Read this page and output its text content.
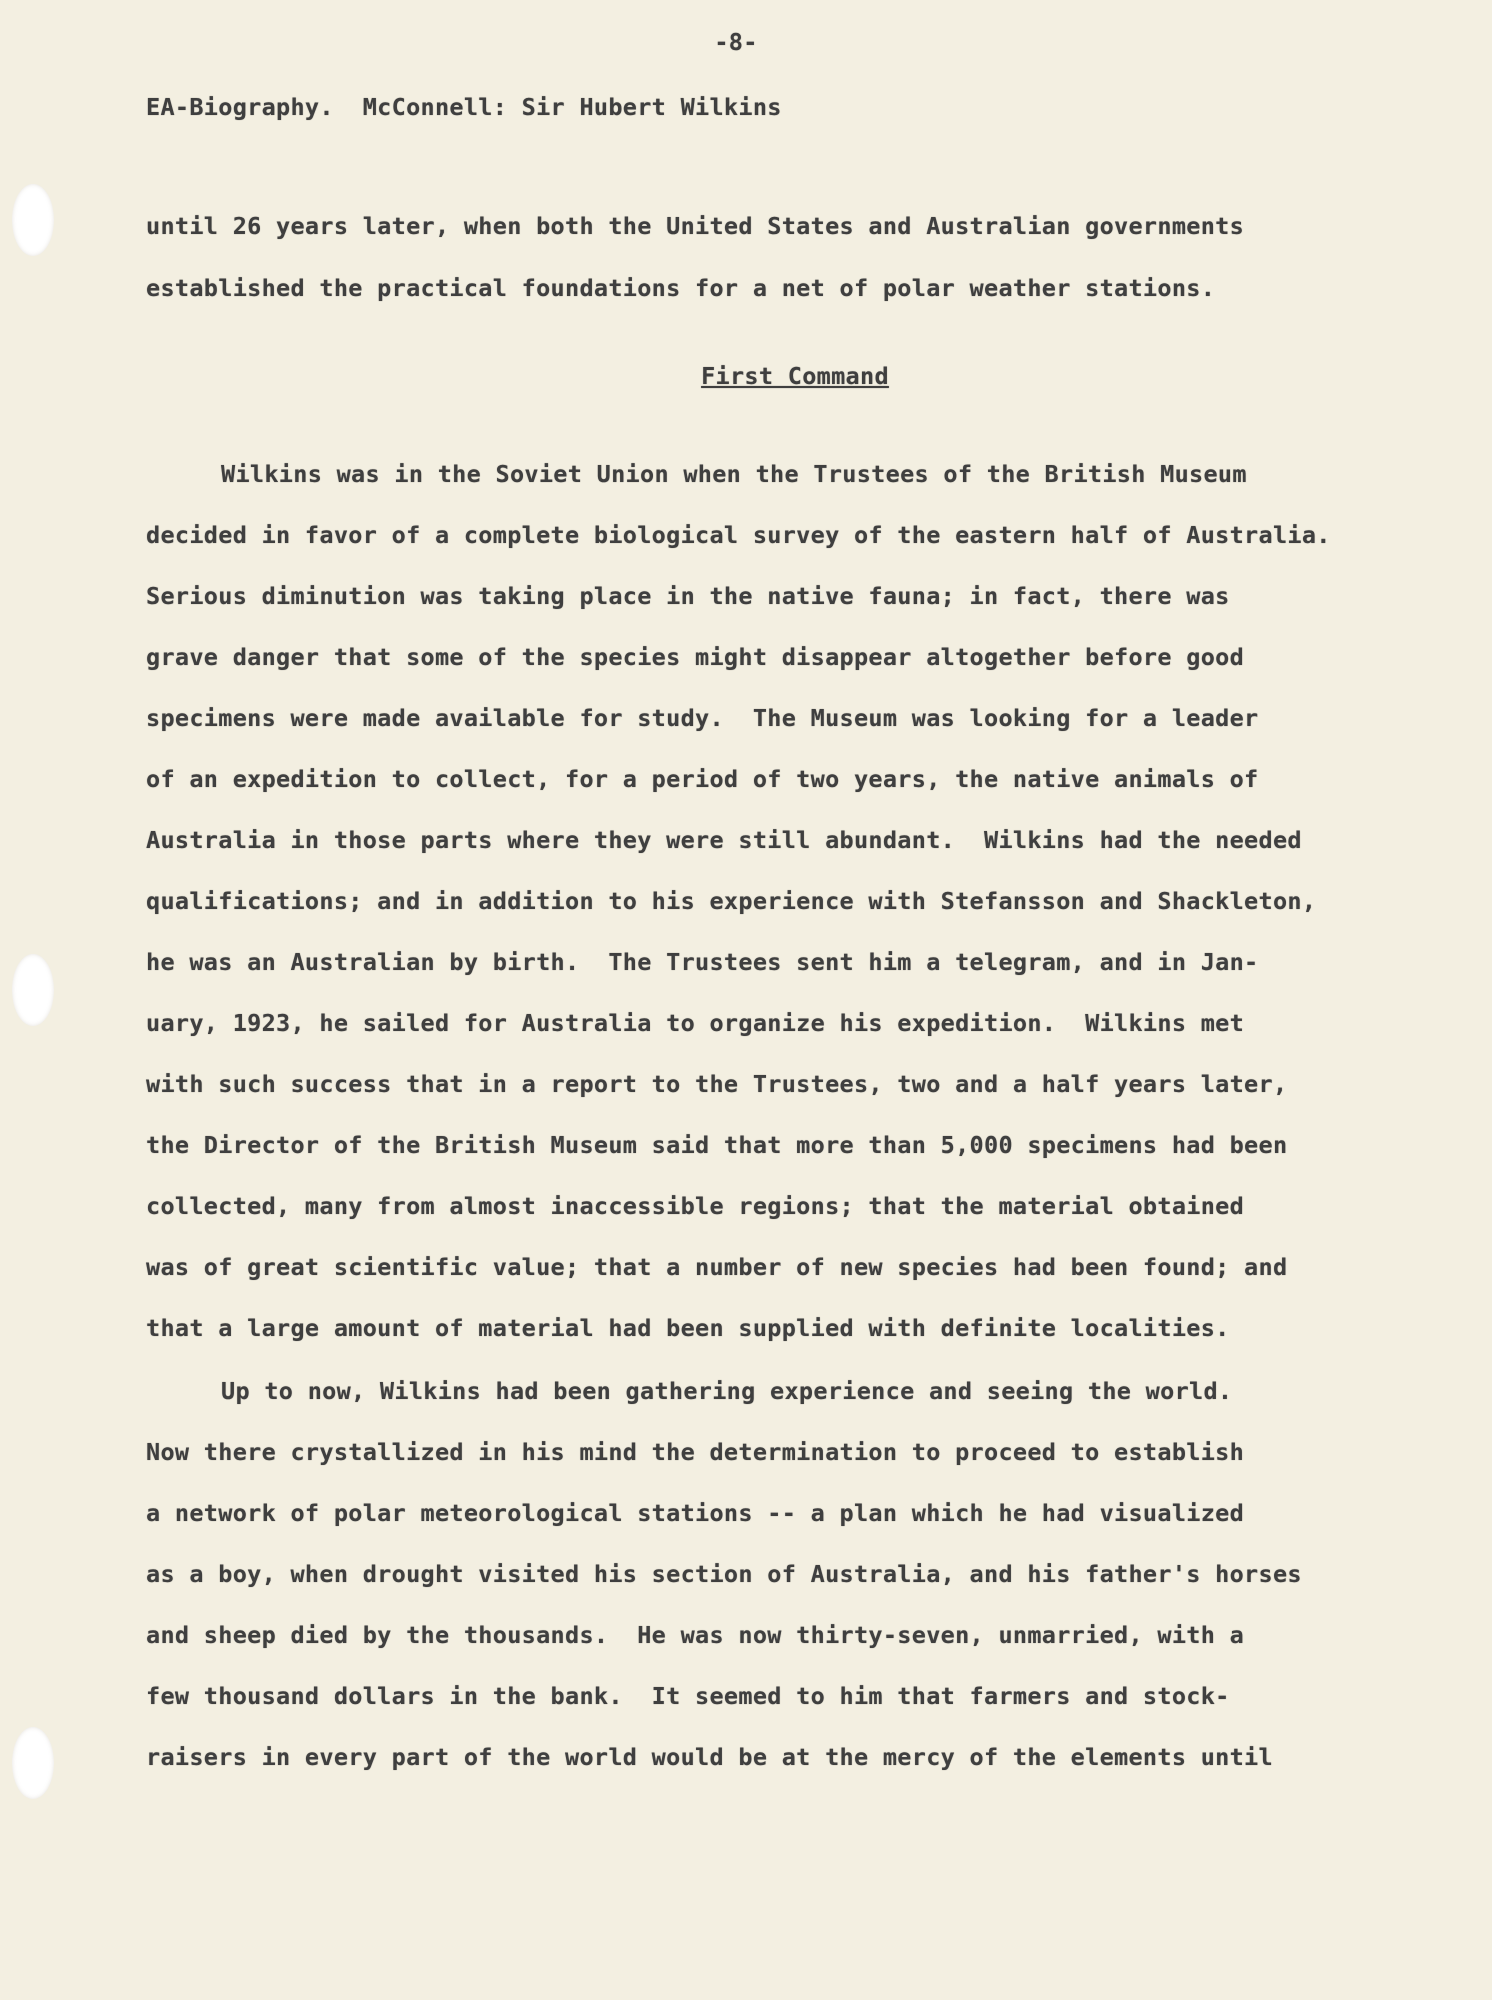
-8-
EA-Biography.  McConnell: Sir Hubert Wilkins
until 26 years later, when both the United States and Australian governments
established the practical foundations for a net of polar weather stations.
Wilkins was in the Soviet Union when the Trustees of the British Museum
decided in favor of a complete biological survey of the eastern half of Australia.
Serious diminution was taking place in the native fauna; in fact, there was
grave danger that some of the species might disappear altogether before good
specimens were made available for study.  The Museum was looking for a leader
of an expedition to collect, for a period of two years, the native animals of
Australia in those parts where they were still abundant.  Wilkins had the needed
qualifications; and in addition to his experience with Stefansson and Shackleton,
he was an Australian by birth.  The Trustees sent him a telegram, and in Jan-
uary, 1923, he sailed for Australia to organize his expedition.  Wilkins met
with such success that in a report to the Trustees, two and a half years later,
the Director of the British Museum said that more than 5,000 specimens had been
collected, many from almost inaccessible regions; that the material obtained
was of great scientific value; that a number of new species had been found; and
that a large amount of material had been supplied with definite localities.
Up to now, Wilkins had been gathering experience and seeing the world.
Now there crystallized in his mind the determination to proceed to establish
a network of polar meteorological stations -- a plan which he had visualized
as a boy, when drought visited his section of Australia, and his father's horses
and sheep died by the thousands.  He was now thirty-seven, unmarried, with a
few thousand dollars in the bank.  It seemed to him that farmers and stock-
raisers in every part of the world would be at the mercy of the elements until
First Command
